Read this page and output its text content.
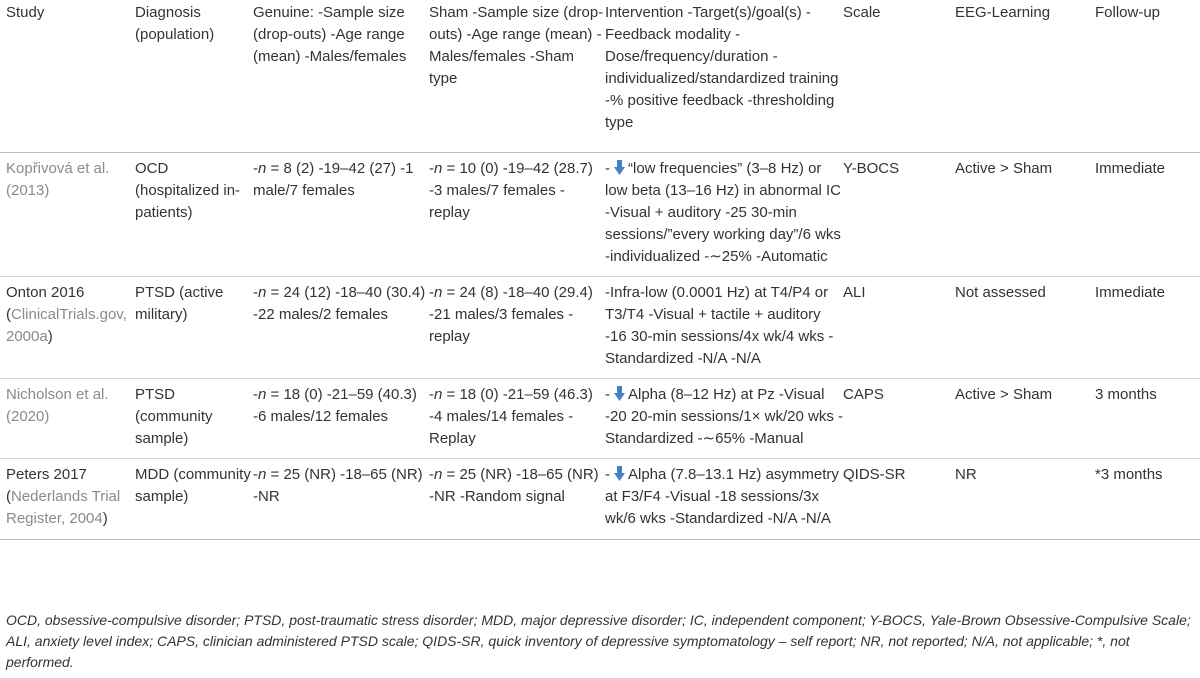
Study	Diagnosis (population)	Genuine: -Sample size (drop-outs) -Age range (mean) -Males/females	Sham -Sample size (drop-outs) -Age range (mean) -Males/females -Sham type	Intervention -Target(s)/goal(s) -Feedback modality -Dose/frequency/duration -individualized/standardized training -% positive feedback -thresholding type	Scale	EEG-Learning	Follow-up
Kopřivová et al. (2013)	OCD (hospitalized in-patients)	-n = 8 (2) -19–42 (27) -1 male/7 females	-n = 10 (0) -19–42 (28.7) -3 males/7 females -replay	- “low frequencies” (3–8 Hz) or low beta (13–16 Hz) in abnormal IC -Visual + auditory -25 30-min sessions/”every working day”/6 wks -individualized -∼25% -Automatic	Y-BOCS	Active > Sham	Immediate
Onton 2016 (ClinicalTrials.gov, 2000a)	PTSD (active military)	-n = 24 (12) -18–40 (30.4) -22 males/2 females	-n = 24 (8) -18–40 (29.4) -21 males/3 females -replay	-Infra-low (0.0001 Hz) at T4/P4 or T3/T4 -Visual + tactile + auditory -16 30-min sessions/4x wk/4 wks -Standardized -N/A -N/A	ALI	Not assessed	Immediate
Nicholson et al. (2020)	PTSD (community sample)	-n = 18 (0) -21–59 (40.3) -6 males/12 females	-n = 18 (0) -21–59 (46.3) -4 males/14 females -Replay	- Alpha (8–12 Hz) at Pz -Visual -20 20-min sessions/1× wk/20 wks -Standardized -∼65% -Manual	CAPS	Active > Sham	3 months
Peters 2017 (Nederlands Trial Register, 2004)	MDD (community sample)	-n = 25 (NR) -18–65 (NR) -NR	-n = 25 (NR) -18–65 (NR) -NR -Random signal	- Alpha (7.8–13.1 Hz) asymmetry at F3/F4 -Visual -18 sessions/3x wk/6 wks -Standardized -N/A -N/A	QIDS-SR	NR	*3 months
OCD, obsessive-compulsive disorder; PTSD, post-traumatic stress disorder; MDD, major depressive disorder; IC, independent component; Y-BOCS, Yale-Brown Obsessive-Compulsive Scale; ALI, anxiety level index; CAPS, clinician administered PTSD scale; QIDS-SR, quick inventory of depressive symptomatology – self report; NR, not reported; N/A, not applicable; *, not performed.
